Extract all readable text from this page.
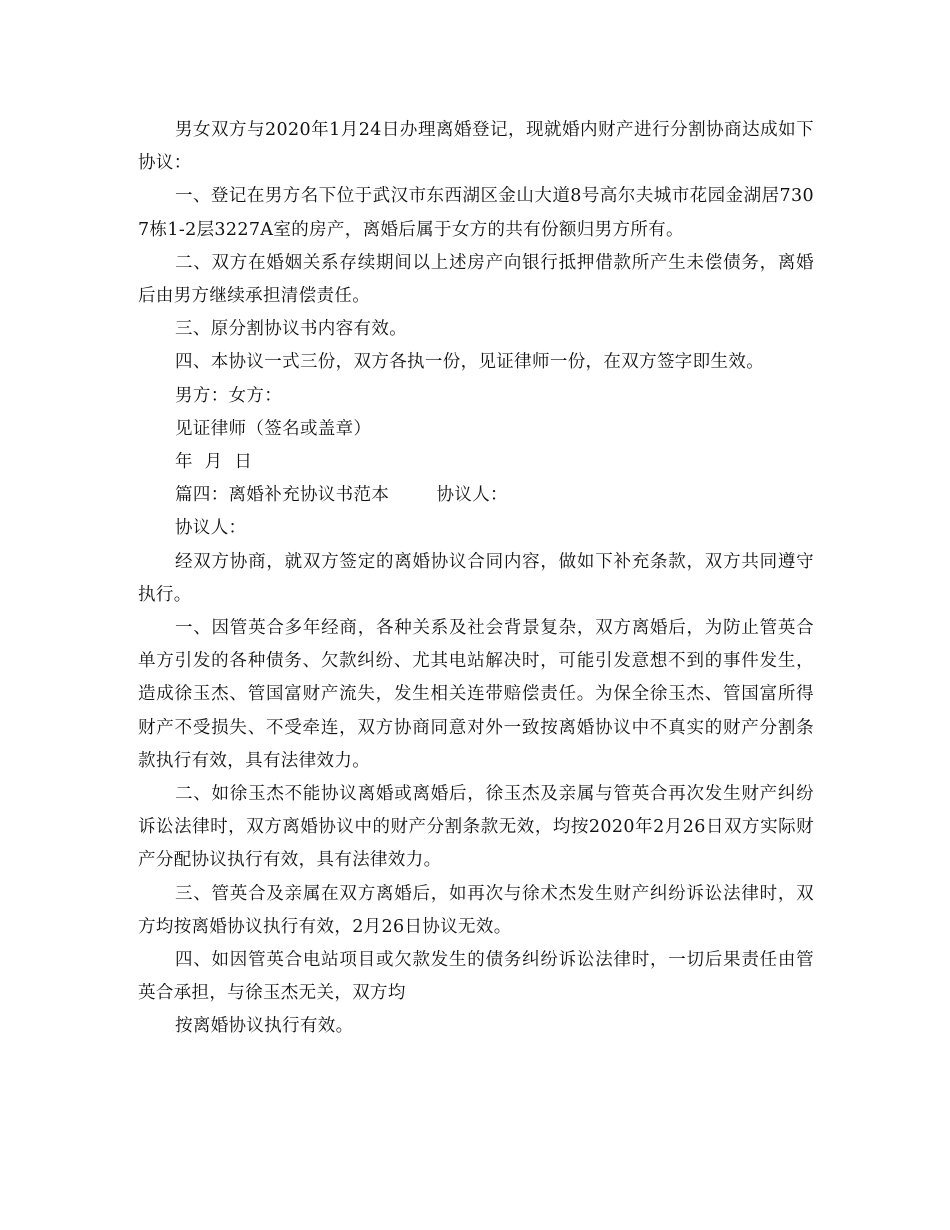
男女双方与2020年1月24日办理离婚登记，现就婚内财产进行分割协商达成如下协议：

一、登记在男方名下位于武汉市东西湖区金山大道8号高尔夫城市花园金湖居7307栋1-2层3227A室的房产，离婚后属于女方的共有份额归男方所有。

二、双方在婚姻关系存续期间以上述房产向银行抵押借款所产生未偿债务，离婚后由男方继续承担清偿责任。

三、原分割协议书内容有效。

四、本协议一式三份，双方各执一份，见证律师一份，在双方签字即生效。

男方：女方：

见证律师（签名或盖章）

年  月  日

篇四：离婚补充协议书范本        协议人：

协议人：

经双方协商，就双方签定的离婚协议合同内容，做如下补充条款，双方共同遵守执行。

一、因管英合多年经商，各种关系及社会背景复杂，双方离婚后，为防止管英合单方引发的各种债务、欠款纠纷、尤其电站解决时，可能引发意想不到的事件发生，造成徐玉杰、管国富财产流失，发生相关连带赔偿责任。为保全徐玉杰、管国富所得财产不受损失、不受牵连，双方协商同意对外一致按离婚协议中不真实的财产分割条款执行有效，具有法律效力。

二、如徐玉杰不能协议离婚或离婚后，徐玉杰及亲属与管英合再次发生财产纠纷诉讼法律时，双方离婚协议中的财产分割条款无效，均按2020年2月26日双方实际财产分配协议执行有效，具有法律效力。

三、管英合及亲属在双方离婚后，如再次与徐术杰发生财产纠纷诉讼法律时，双方均按离婚协议执行有效，2月26日协议无效。

四、如因管英合电站项目或欠款发生的债务纠纷诉讼法律时，一切后果责任由管英合承担，与徐玉杰无关，双方均

按离婚协议执行有效。
